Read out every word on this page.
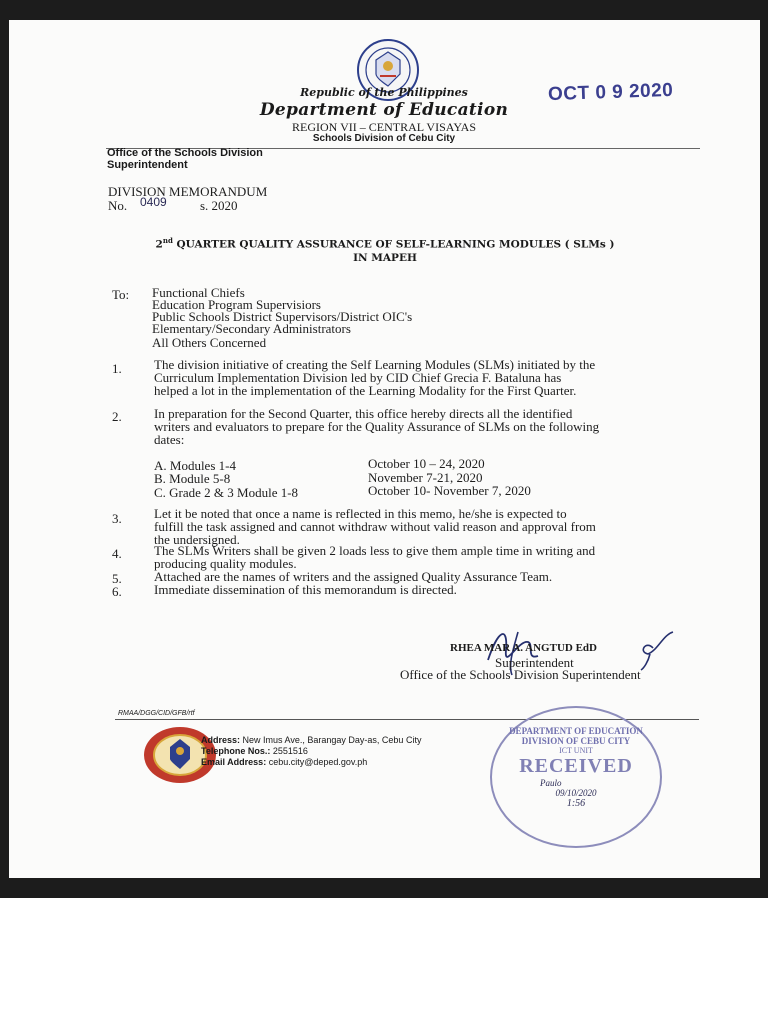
Republic of the Philippines
Department of Education
REGION VII – CENTRAL VISAYAS
Schools Division of Cebu City
OCT 0 9 2020
Office of the Schools Division
Superintendent
DIVISION MEMORANDUM
No. 0409	s. 2020
2nd QUARTER QUALITY ASSURANCE OF SELF-LEARNING MODULES ( SLMs )
IN MAPEH
To: Functional Chiefs
Education Program Supervisiors
Public Schools District Supervisors/District OIC's
Elementary/Secondary Administrators
All Others Concerned
1. The division initiative of creating the Self Learning Modules (SLMs) initiated by the
Curriculum Implementation Division led by CID Chief Grecia F. Bataluna has
helped a lot in the implementation of the Learning Modality for the First Quarter.
2. In preparation for the Second Quarter, this office hereby directs all the identified
writers and evaluators to prepare for the Quality Assurance of SLMs on the following
dates:
A. Modules 1-4	October 10 – 24, 2020
B. Module 5-8	November 7-21, 2020
C. Grade 2 & 3 Module 1-8	October 10- November 7, 2020
3. Let it be noted that once a name is reflected in this memo, he/she is expected to
fulfill the task assigned and cannot withdraw without valid reason and approval from
the undersigned.
4. The SLMs Writers shall be given 2 loads less to give them ample time in writing and
producing quality modules.
5. Attached are the names of writers and the assigned Quality Assurance Team.
6. Immediate dissemination of this memorandum is directed.
RHEA MAR A. ANGTUD EdD
Superintendent
Office of the Schools Division Superintendent
RMAA/DGG/CID/GFB/rtf
Address: New Imus Ave., Barangay Day-as, Cebu City
Telephone Nos.: 2551516
Email Address: cebu.city@deped.gov.ph
DEPARTMENT OF EDUCATION
DIVISION OF CEBU CITY
ICT UNIT
RECEIVED
Paulo
09/10/2020
1:56
